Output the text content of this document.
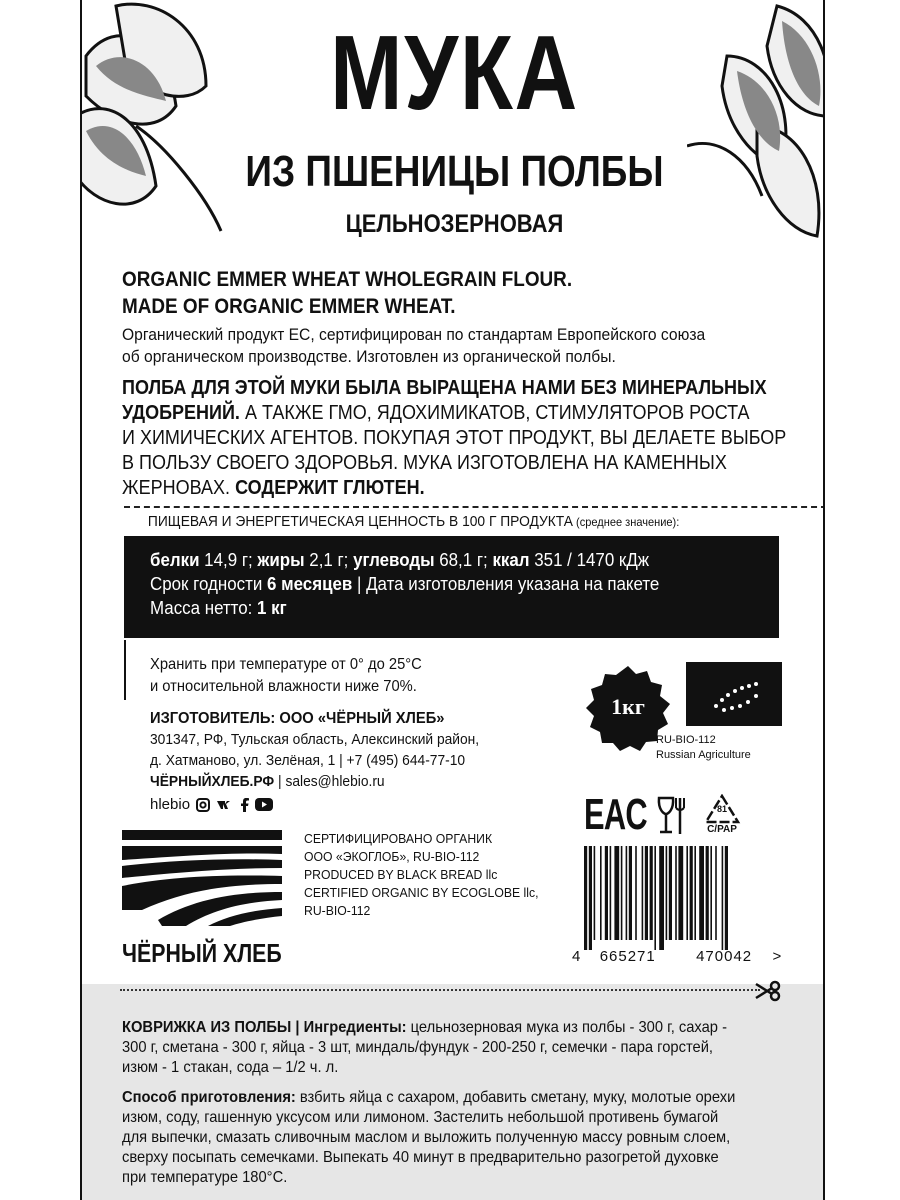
МУКА
ИЗ ПШЕНИЦЫ ПОЛБЫ
ЦЕЛЬНОЗЕРНОВАЯ
ORGANIC EMMER WHEAT WHOLEGRAIN FLOUR.
MADE OF ORGANIC EMMER WHEAT.
Органический продукт ЕС, сертифицирован по стандартам Европейского союза
об органическом производстве. Изготовлен из органической полбы.
ПОЛБА ДЛЯ ЭТОЙ МУКИ БЫЛА ВЫРАЩЕНА НАМИ БЕЗ МИНЕРАЛЬНЫХ
УДОБРЕНИЙ. А ТАКЖЕ ГМО, ЯДОХИМИКАТОВ, СТИМУЛЯТОРОВ РОСТА
И ХИМИЧЕСКИХ АГЕНТОВ. ПОКУПАЯ ЭТОТ ПРОДУКТ, ВЫ ДЕЛАЕТЕ ВЫБОР
В ПОЛЬЗУ СВОЕГО ЗДОРОВЬЯ. МУКА ИЗГОТОВЛЕНА НА КАМЕННЫХ
ЖЕРНОВАХ. СОДЕРЖИТ ГЛЮТЕН.
ПИЩЕВАЯ И ЭНЕРГЕТИЧЕСКАЯ ЦЕННОСТЬ В 100 Г ПРОДУКТА (среднее значение):
белки 14,9 г; жиры 2,1 г; углеводы 68,1 г; ккал 351 / 1470 кДж
Срок годности 6 месяцев | Дата изготовления указана на пакете
Масса нетто: 1 кг
Хранить при температуре от 0° до 25°С
и относительной влажности ниже 70%.
ИЗГОТОВИТЕЛЬ: ООО «ЧЁРНЫЙ ХЛЕБ»
301347, РФ, Тульская область, Алексинский район,
д. Хатманово, ул. Зелёная, 1 | +7 (495) 644-77-10
ЧЁРНЫЙХЛЕБ.РФ | sales@hlebio.ru
hlebio
1кг
RU-BIO-112
Russian Agriculture
EAC	81
C/PAP
ЧЁРНЫЙ ХЛЕБ
СЕРТИФИЦИРОВАНО ОРГАНИК
ООО «ЭКОГЛОБ», RU-BIO-112
PRODUCED BY BLACK BREAD llc
CERTIFIED ORGANIC BY ECOGLOBE llc,
RU-BIO-112
4 665271	470042 >
КОВРИЖКА ИЗ ПОЛБЫ | Ингредиенты: цельнозерновая мука из полбы - 300 г, сахар -
300 г, сметана - 300 г, яйца - 3 шт, миндаль/фундук - 200-250 г, семечки - пара горстей,
изюм - 1 стакан, сода – 1/2 ч. л.
Способ приготовления: взбить яйца с сахаром, добавить сметану, муку, молотые орехи
изюм, соду, гашенную уксусом или лимоном. Застелить небольшой противень бумагой
для выпечки, смазать сливочным маслом и выложить полученную массу ровным слоем,
сверху посыпать семечками. Выпекать 40 минут в предварительно разогретой духовке
при температуре 180°С.
